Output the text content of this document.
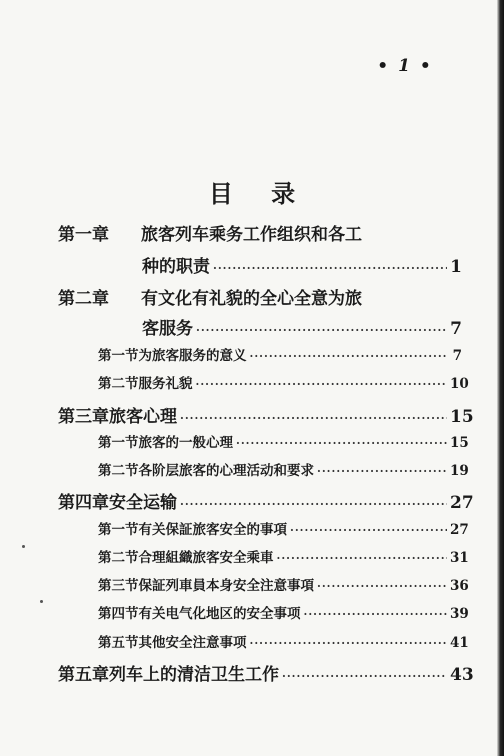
• 1 •
目 录
第一章	旅客列车乘务工作组织和各工
种的职责 ·····	1
第二章	有文化有礼貌的全心全意为旅
客服务 ·····	7
第一节 为旅客服务的意义 ·····	7
第二节 服务礼貌 ·····	10
第三章 旅客心理 ·····	15
第一节 旅客的一般心理 ·····	15
第二节 各阶层旅客的心理活动和要求 ·····	19
第四章 安全运输 ·····	27
第一节 有关保証旅客安全的事項 ·····	27
第二节 合理組織旅客安全乘車 ·····	31
第三节 保証列車員本身安全注意事項 ·····	36
第四节 有关电气化地区的安全事项 ·····	39
第五节 其他安全注意事项 ·····	41
第五章 列车上的清洁卫生工作 ·····	43
